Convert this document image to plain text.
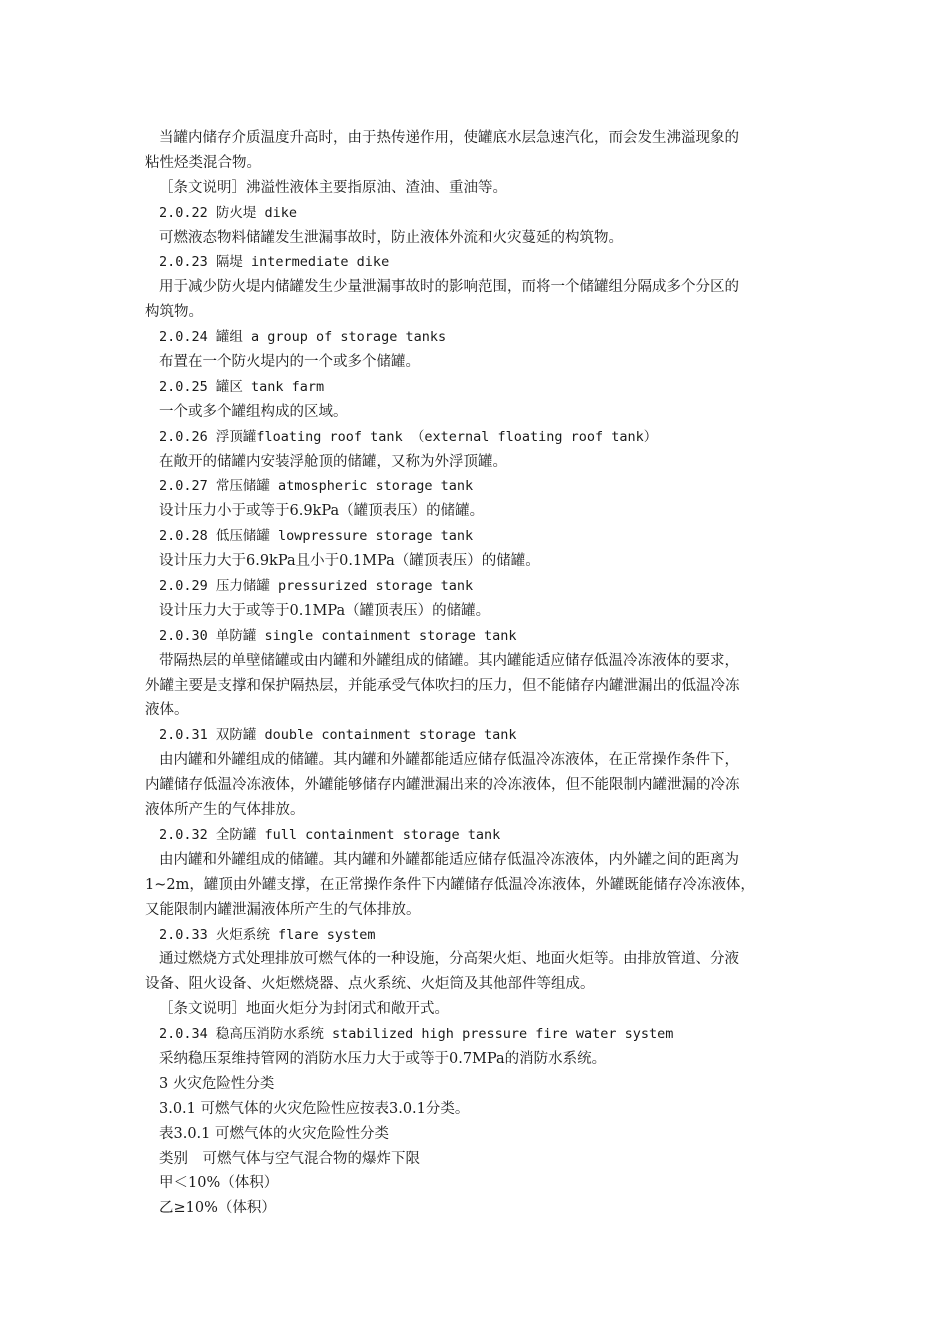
当罐内储存介质温度升高时，由于热传递作用，使罐底水层急速汽化，而会发生沸溢现象的
粘性烃类混合物。
［条文说明］沸溢性液体主要指原油、渣油、重油等。
2.0.22 防火堤 dike
可燃液态物料储罐发生泄漏事故时，防止液体外流和火灾蔓延的构筑物。
2.0.23 隔堤 intermediate dike
用于减少防火堤内储罐发生少量泄漏事故时的影响范围，而将一个储罐组分隔成多个分区的
构筑物。
2.0.24 罐组 a group of storage tanks
布置在一个防火堤内的一个或多个储罐。
2.0.25 罐区 tank farm
一个或多个罐组构成的区域。
2.0.26 浮顶罐floating roof tank （external floating roof tank）
在敞开的储罐内安装浮舱顶的储罐，又称为外浮顶罐。
2.0.27 常压储罐 atmospheric storage tank
设计压力小于或等于6.9kPa（罐顶表压）的储罐。
2.0.28 低压储罐 lowpressure storage tank
设计压力大于6.9kPa且小于0.1MPa（罐顶表压）的储罐。
2.0.29 压力储罐 pressurized storage tank
设计压力大于或等于0.1MPa（罐顶表压）的储罐。
2.0.30 单防罐 single containment storage tank
带隔热层的单壁储罐或由内罐和外罐组成的储罐。其内罐能适应储存低温冷冻液体的要求，
外罐主要是支撑和保护隔热层，并能承受气体吹扫的压力，但不能储存内罐泄漏出的低温冷冻
液体。
2.0.31 双防罐 double containment storage tank
由内罐和外罐组成的储罐。其内罐和外罐都能适应储存低温冷冻液体，在正常操作条件下，
内罐储存低温冷冻液体，外罐能够储存内罐泄漏出来的冷冻液体，但不能限制内罐泄漏的冷冻
液体所产生的气体排放。
2.0.32 全防罐 full containment storage tank
由内罐和外罐组成的储罐。其内罐和外罐都能适应储存低温冷冻液体，内外罐之间的距离为
1~2m，罐顶由外罐支撑，在正常操作条件下内罐储存低温冷冻液体，外罐既能储存冷冻液体，
又能限制内罐泄漏液体所产生的气体排放。
2.0.33 火炬系统 flare system
通过燃烧方式处理排放可燃气体的一种设施，分高架火炬、地面火炬等。由排放管道、分液
设备、阻火设备、火炬燃烧器、点火系统、火炬筒及其他部件等组成。
［条文说明］地面火炬分为封闭式和敞开式。
2.0.34 稳高压消防水系统 stabilized high pressure fire water system
采纳稳压泵维持管网的消防水压力大于或等于0.7MPa的消防水系统。
3 火灾危险性分类
3.0.1 可燃气体的火灾危险性应按表3.0.1分类。
表3.0.1 可燃气体的火灾危险性分类
类别　可燃气体与空气混合物的爆炸下限
甲＜10%（体积）
乙≥10%（体积）
